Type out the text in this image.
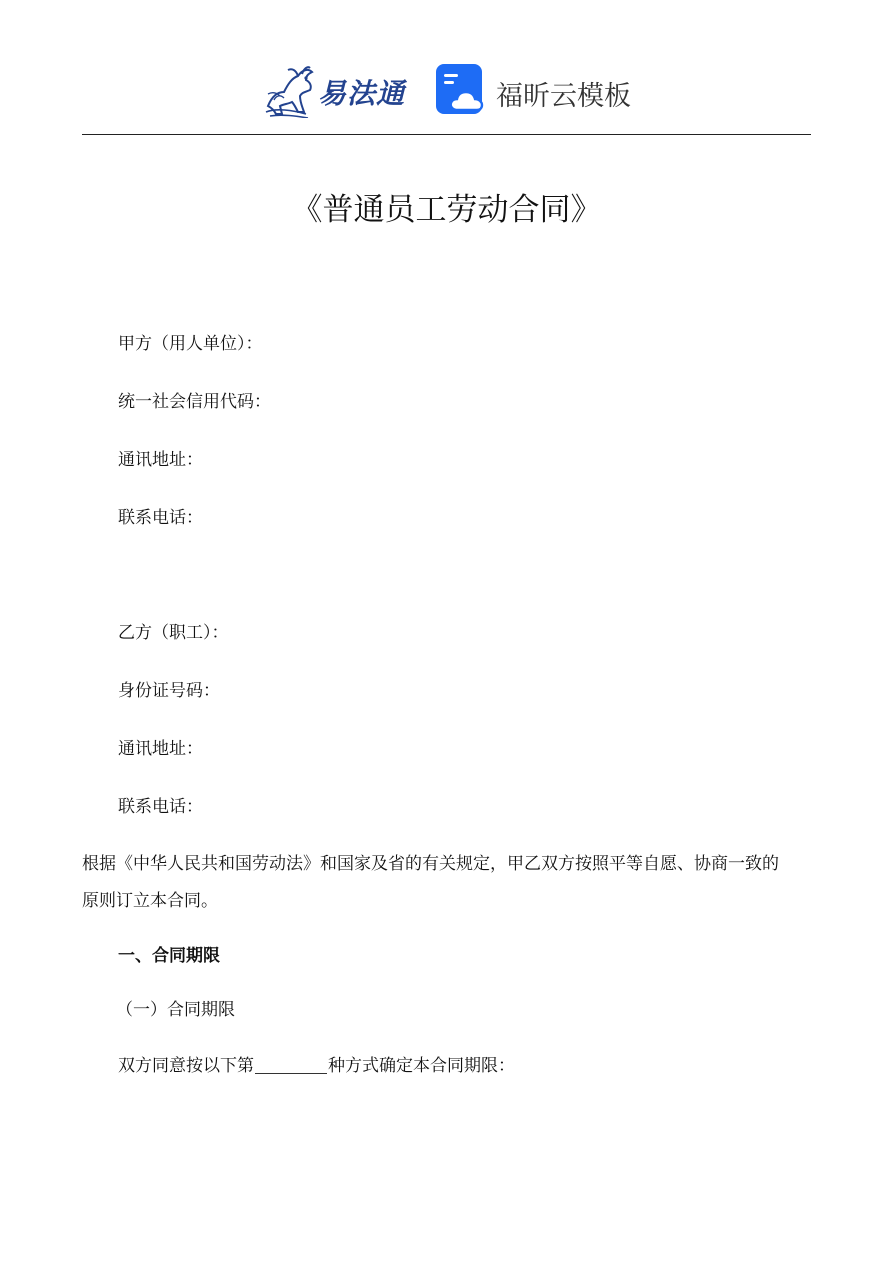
易法通	福昕云模板
《普通员工劳动合同》
甲方（用人单位）：
统一社会信用代码：
通讯地址：
联系电话：
乙方（职工）：
身份证号码：
通讯地址：
联系电话：
根据《中华人民共和国劳动法》和国家及省的有关规定，甲乙双方按照平等自愿、协商一致的
原则订立本合同。
一、合同期限
（一）合同期限
双方同意按以下第	种方式确定本合同期限：
